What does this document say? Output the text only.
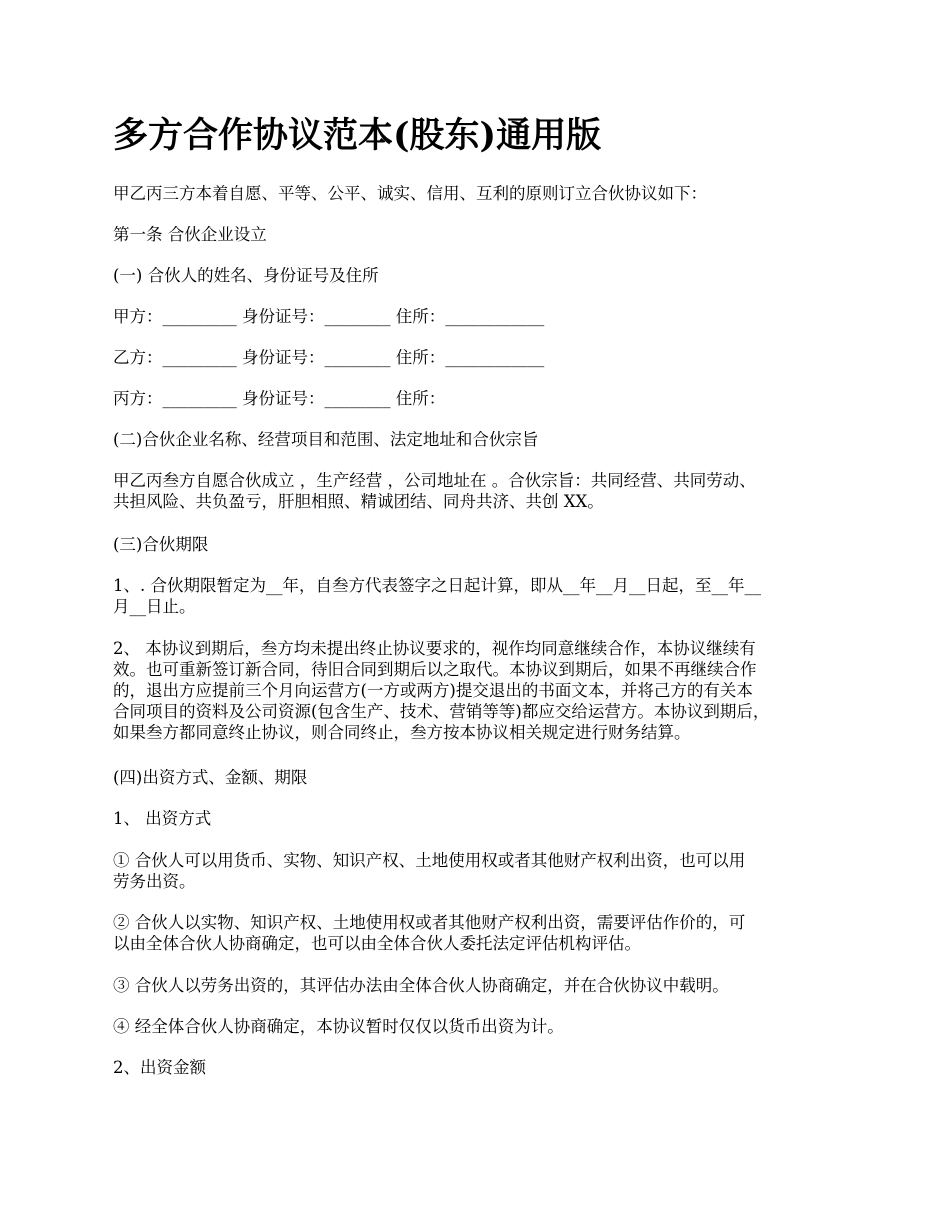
多方合作协议范本(股东)通用版

甲乙丙三方本着自愿、平等、公平、诚实、信用、互利的原则订立合伙协议如下：

第一条 合伙企业设立

(一) 合伙人的姓名、身份证号及住所

甲方：_________ 身份证号：________ 住所：____________

乙方：_________ 身份证号：________ 住所：____________

丙方：_________ 身份证号：________ 住所：

(二)合伙企业名称、经营项目和范围、法定地址和合伙宗旨

甲乙丙叁方自愿合伙成立 ，生产经营 ，公司地址在 。合伙宗旨：共同经营、共同劳动、
共担风险、共负盈亏，肝胆相照、精诚团结、同舟共济、共创 XX。

(三)合伙期限

1、. 合伙期限暂定为__年，自叁方代表签字之日起计算，即从__年__月__日起，至__年__
月__日止。
2、 本协议到期后，叁方均未提出终止协议要求的，视作均同意继续合作，本协议继续有
效。也可重新签订新合同，待旧合同到期后以之取代。本协议到期后，如果不再继续合作
的，退出方应提前三个月向运营方(一方或两方)提交退出的书面文本，并将己方的有关本
合同项目的资料及公司资源(包含生产、技术、营销等等)都应交给运营方。本协议到期后，
如果叁方都同意终止协议，则合同终止，叁方按本协议相关规定进行财务结算。

(四)出资方式、金额、期限

1、 出资方式

① 合伙人可以用货币、实物、知识产权、土地使用权或者其他财产权利出资，也可以用
劳务出资。
② 合伙人以实物、知识产权、土地使用权或者其他财产权利出资，需要评估作价的，可
以由全体合伙人协商确定，也可以由全体合伙人委托法定评估机构评估。

③ 合伙人以劳务出资的，其评估办法由全体合伙人协商确定，并在合伙协议中载明。

④ 经全体合伙人协商确定，本协议暂时仅仅以货币出资为计。

2、出资金额
